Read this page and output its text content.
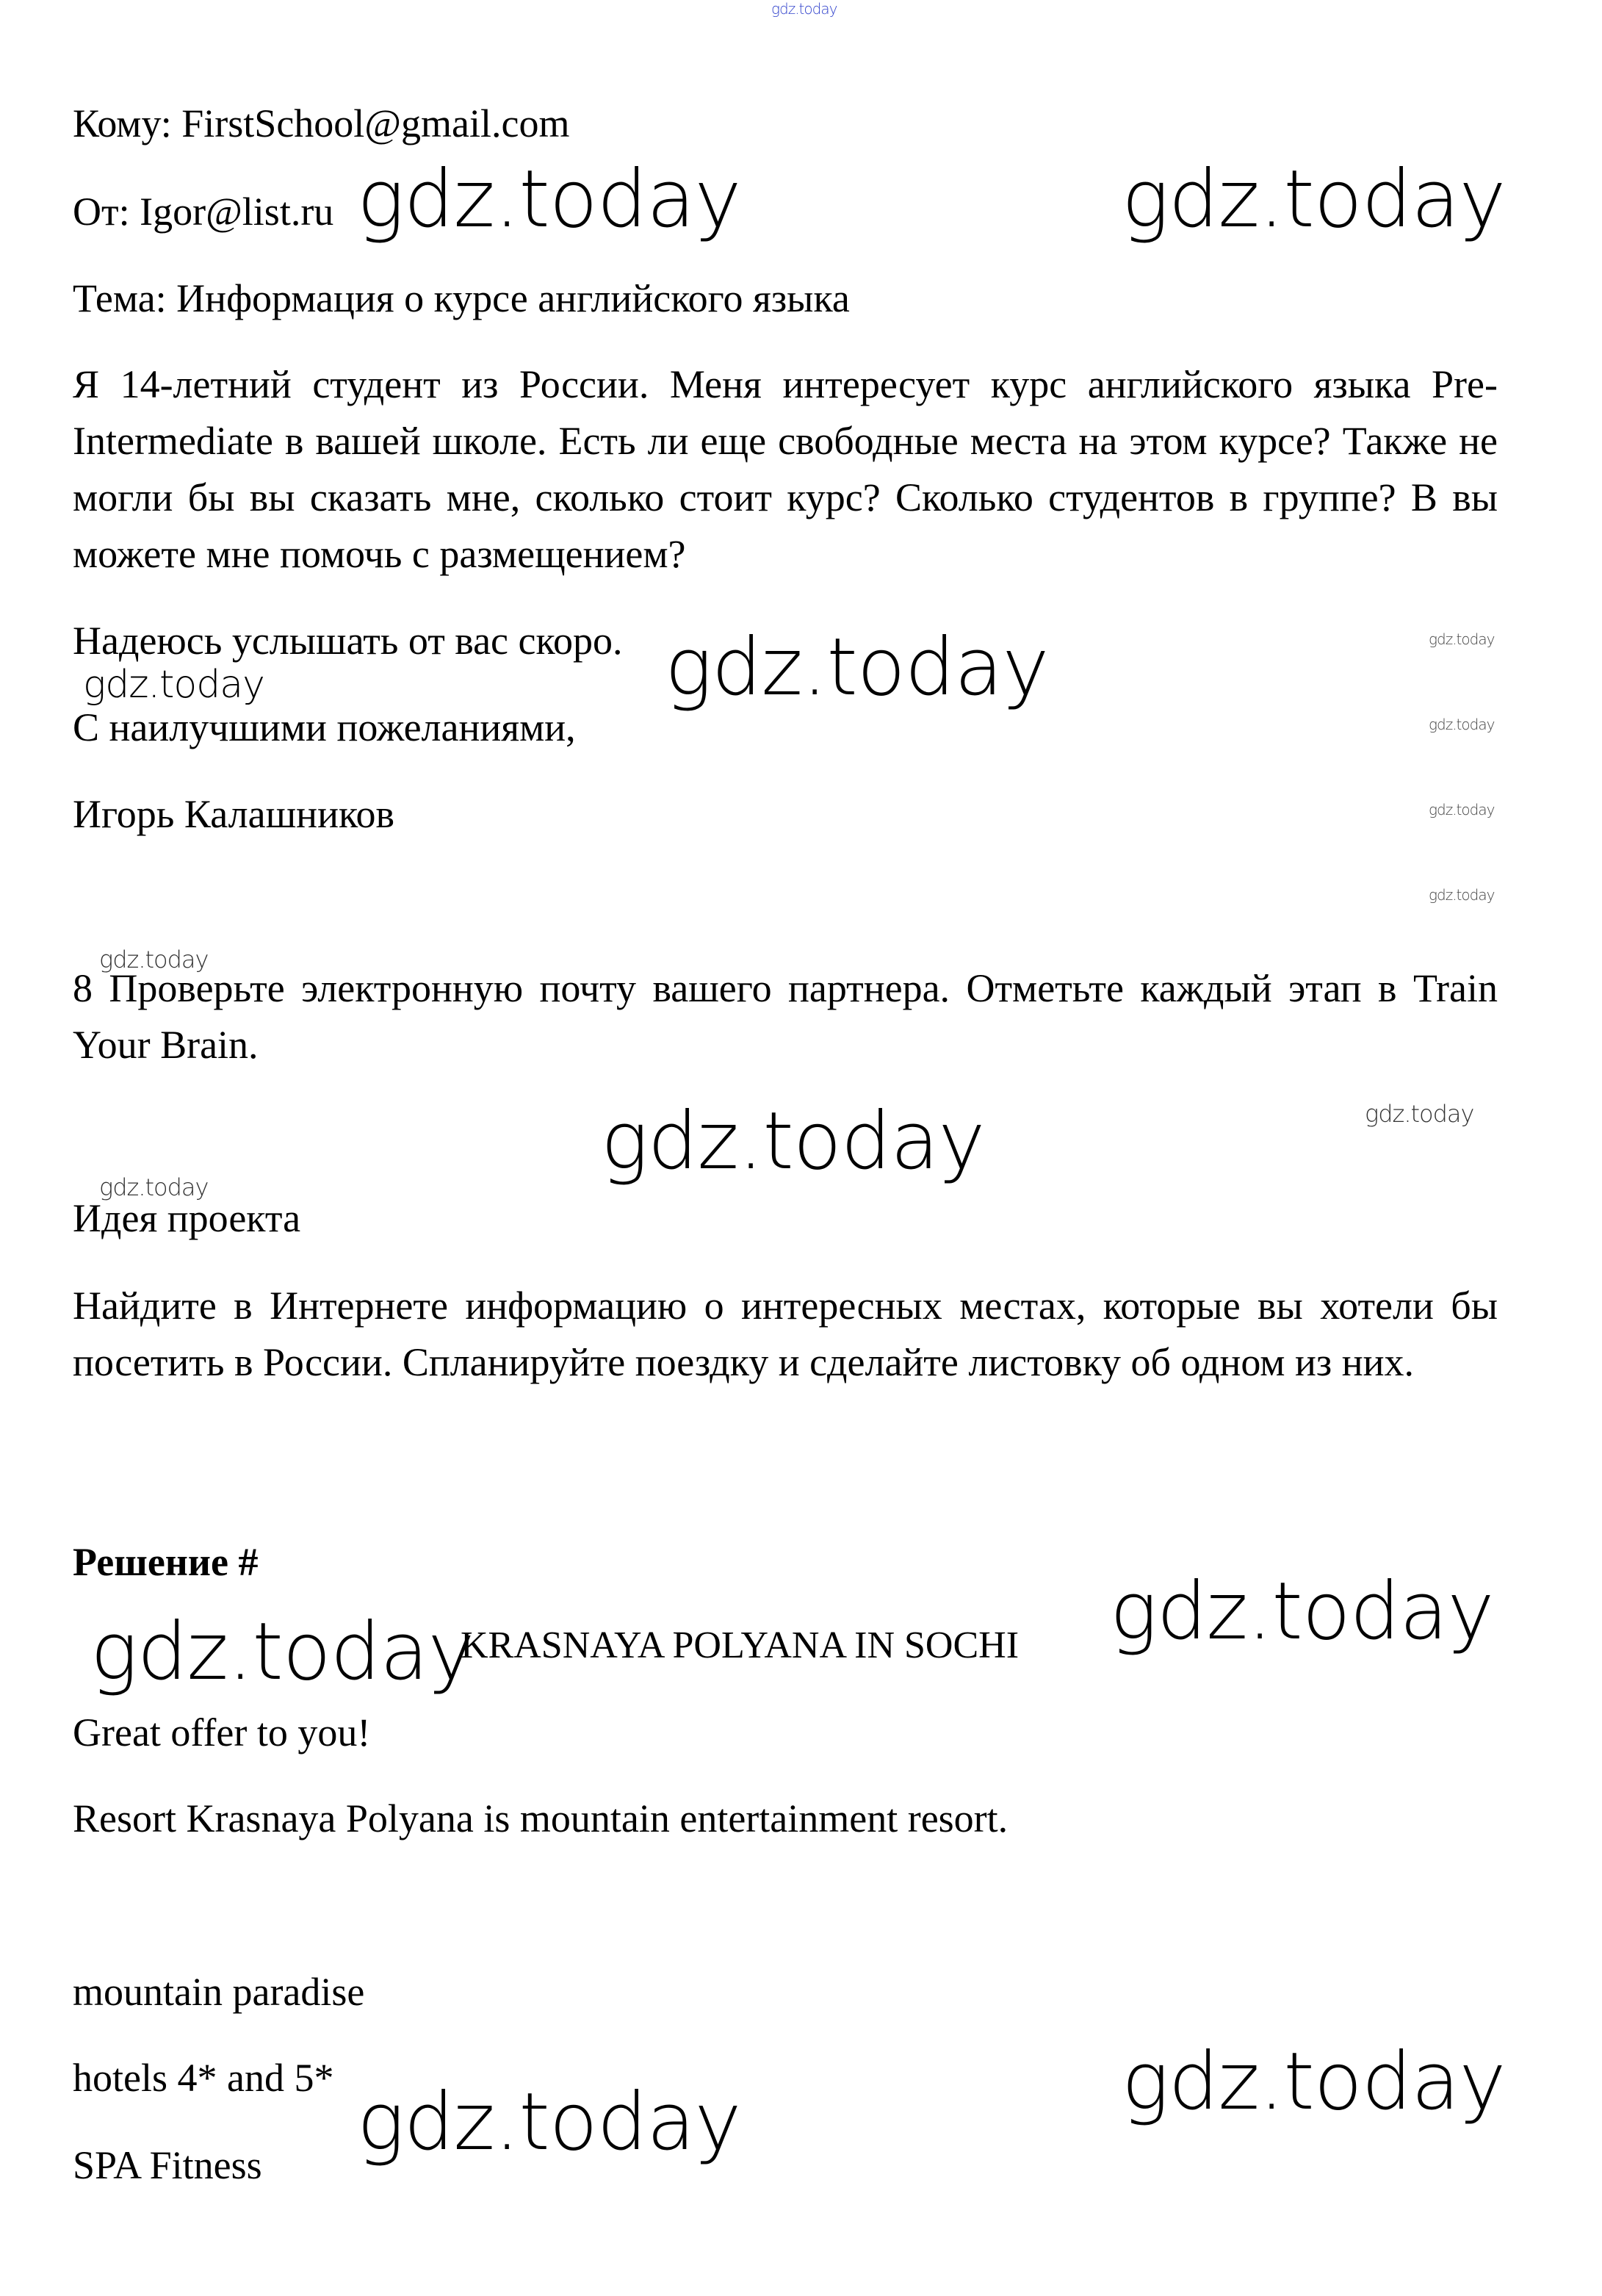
gdz.today
Кому: FirstSchool@gmail.com
От: Igor@list.ru gdz.today	gdz.today
Тема: Информация о курсе английского языка
Я 14-летний студент из России. Меня интересует курс английского языка Pre-Intermediate в вашей школе. Есть ли еще свободные места на этом курсе? Также не могли бы вы сказать мне, сколько стоит курс? Сколько студентов в группе? В вы можете мне помочь с размещением?
Надеюсь услышать от вас скоро. gdz.today
gdz.today
gdz.today
gdz.today
gdz.today
gdz.today
С наилучшими пожеланиями,
Игорь Калашников
gdz.today
8 Проверьте электронную почту вашего партнера. Отметьте каждый этап в Train Your Brain.
gdz.today
gdz.today
gdz.today
Идея проекта
Найдите в Интернете информацию о интересных местах, которые вы хотели бы посетить в России. Спланируйте поездку и сделайте листовку об одном из них.
Решение #
gdz.today
KRASNAYA POLYANA IN SOCHI gdz.today
Great offer to you!
Resort Krasnaya Polyana is mountain entertainment resort.
mountain paradise
hotels 4* and 5*	gdz.today
SPA Fitness gdz.today
